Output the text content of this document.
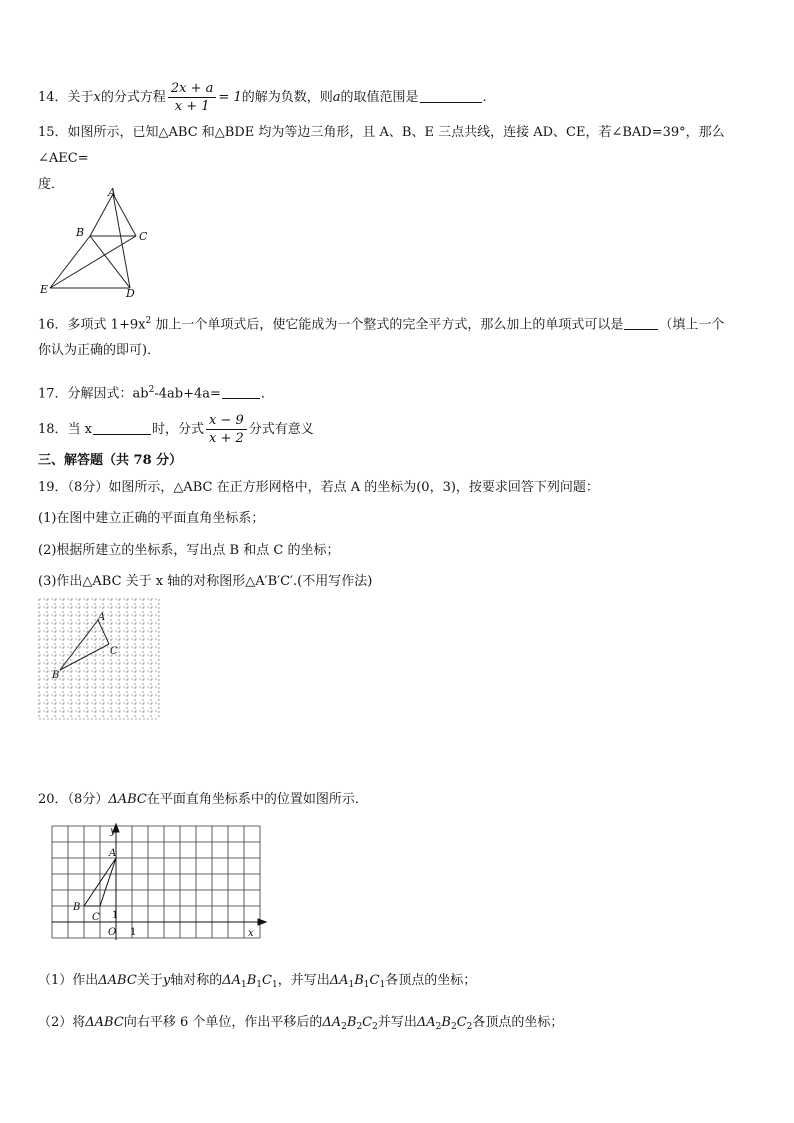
14．关于x的分式方程 $\frac{2x + a}{x + 1} = 1$的解为负数，则a的取值范围是	.
15．如图所示，已知△ABC 和△BDE 均为等边三角形，且 A、B、E 三点共线，连接 AD、CE，若∠BAD=39°，那么∠AEC=
度．
A
B	C
D
E
16．多项式 $1+9x^2$ 加上一个单项式后，使它能成为一个整式的完全平方式，那么加上的单项式可以是	（填上一个
你认为正确的即可)．
17．分解因式：$ab^2-4ab+4a=$	．
18．当 x	时，分式 $\frac{x - 9}{x + 2}$ 分式有意义
三、解答题（共 78 分）
19．（8分）如图所示，△ABC 在正方形网格中，若点 A 的坐标为(0，3)，按要求回答下列问题：
(1)在图中建立正确的平面直角坐标系；
(2)根据所建立的坐标系，写出点 B 和点 C 的坐标；
(3)作出△ABC 关于 x 轴的对称图形△A′B′C′.(不用写作法)
A
B
C
20．（8分）ΔABC在平面直角坐标系中的位置如图所示．
y
x
A
B
C
O 1
1
（1）作出ΔABC关于y轴对称的$\Delta A_1B_1C_1$，并写出$\Delta A_1B_1C_1$各顶点的坐标；
（2）将ΔABC向右平移 6 个单位，作出平移后的$\Delta A_2B_2C_2$并写出$\Delta A_2B_2C_2$各顶点的坐标；
